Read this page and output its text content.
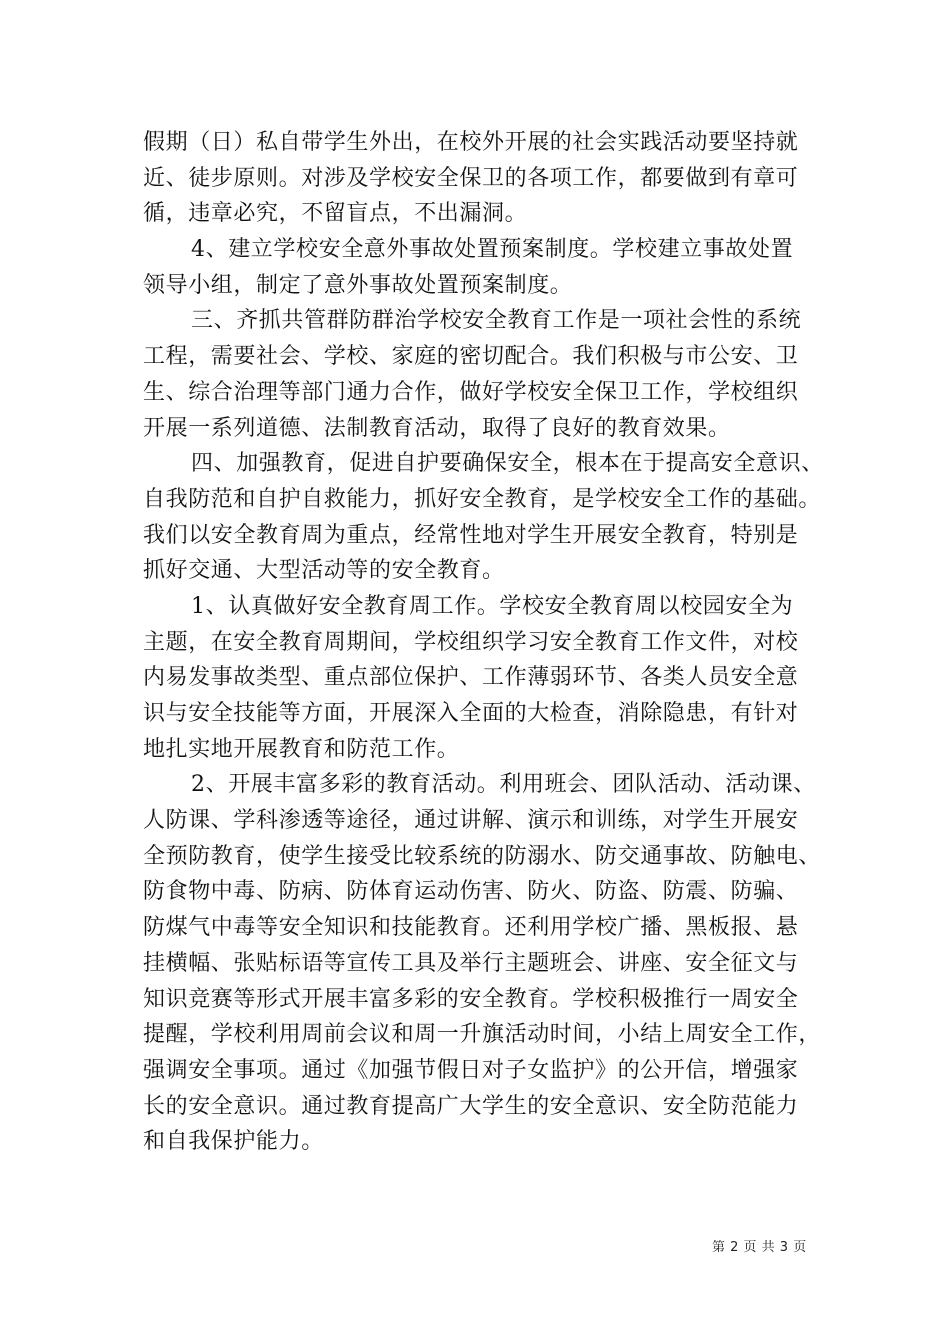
假期（日）私自带学生外出，在校外开展的社会实践活动要坚持就
近、徒步原则。对涉及学校安全保卫的各项工作，都要做到有章可
循，违章必究，不留盲点，不出漏洞。
4、建立学校安全意外事故处置预案制度。学校建立事故处置
领导小组，制定了意外事故处置预案制度。
三、齐抓共管群防群治学校安全教育工作是一项社会性的系统
工程，需要社会、学校、家庭的密切配合。我们积极与市公安、卫
生、综合治理等部门通力合作，做好学校安全保卫工作，学校组织
开展一系列道德、法制教育活动，取得了良好的教育效果。
四、加强教育，促进自护要确保安全，根本在于提高安全意识、
自我防范和自护自救能力，抓好安全教育，是学校安全工作的基础。
我们以安全教育周为重点，经常性地对学生开展安全教育，特别是
抓好交通、大型活动等的安全教育。
1、认真做好安全教育周工作。学校安全教育周以校园安全为
主题，在安全教育周期间，学校组织学习安全教育工作文件，对校
内易发事故类型、重点部位保护、工作薄弱环节、各类人员安全意
识与安全技能等方面，开展深入全面的大检查，消除隐患，有针对
地扎实地开展教育和防范工作。
2、开展丰富多彩的教育活动。利用班会、团队活动、活动课、
人防课、学科渗透等途径，通过讲解、演示和训练，对学生开展安
全预防教育，使学生接受比较系统的防溺水、防交通事故、防触电、
防食物中毒、防病、防体育运动伤害、防火、防盗、防震、防骗、
防煤气中毒等安全知识和技能教育。还利用学校广播、黑板报、悬
挂横幅、张贴标语等宣传工具及举行主题班会、讲座、安全征文与
知识竞赛等形式开展丰富多彩的安全教育。学校积极推行一周安全
提醒，学校利用周前会议和周一升旗活动时间，小结上周安全工作，
强调安全事项。通过《加强节假日对子女监护》的公开信，增强家
长的安全意识。通过教育提高广大学生的安全意识、安全防范能力
和自我保护能力。
第 2 页 共 3 页
